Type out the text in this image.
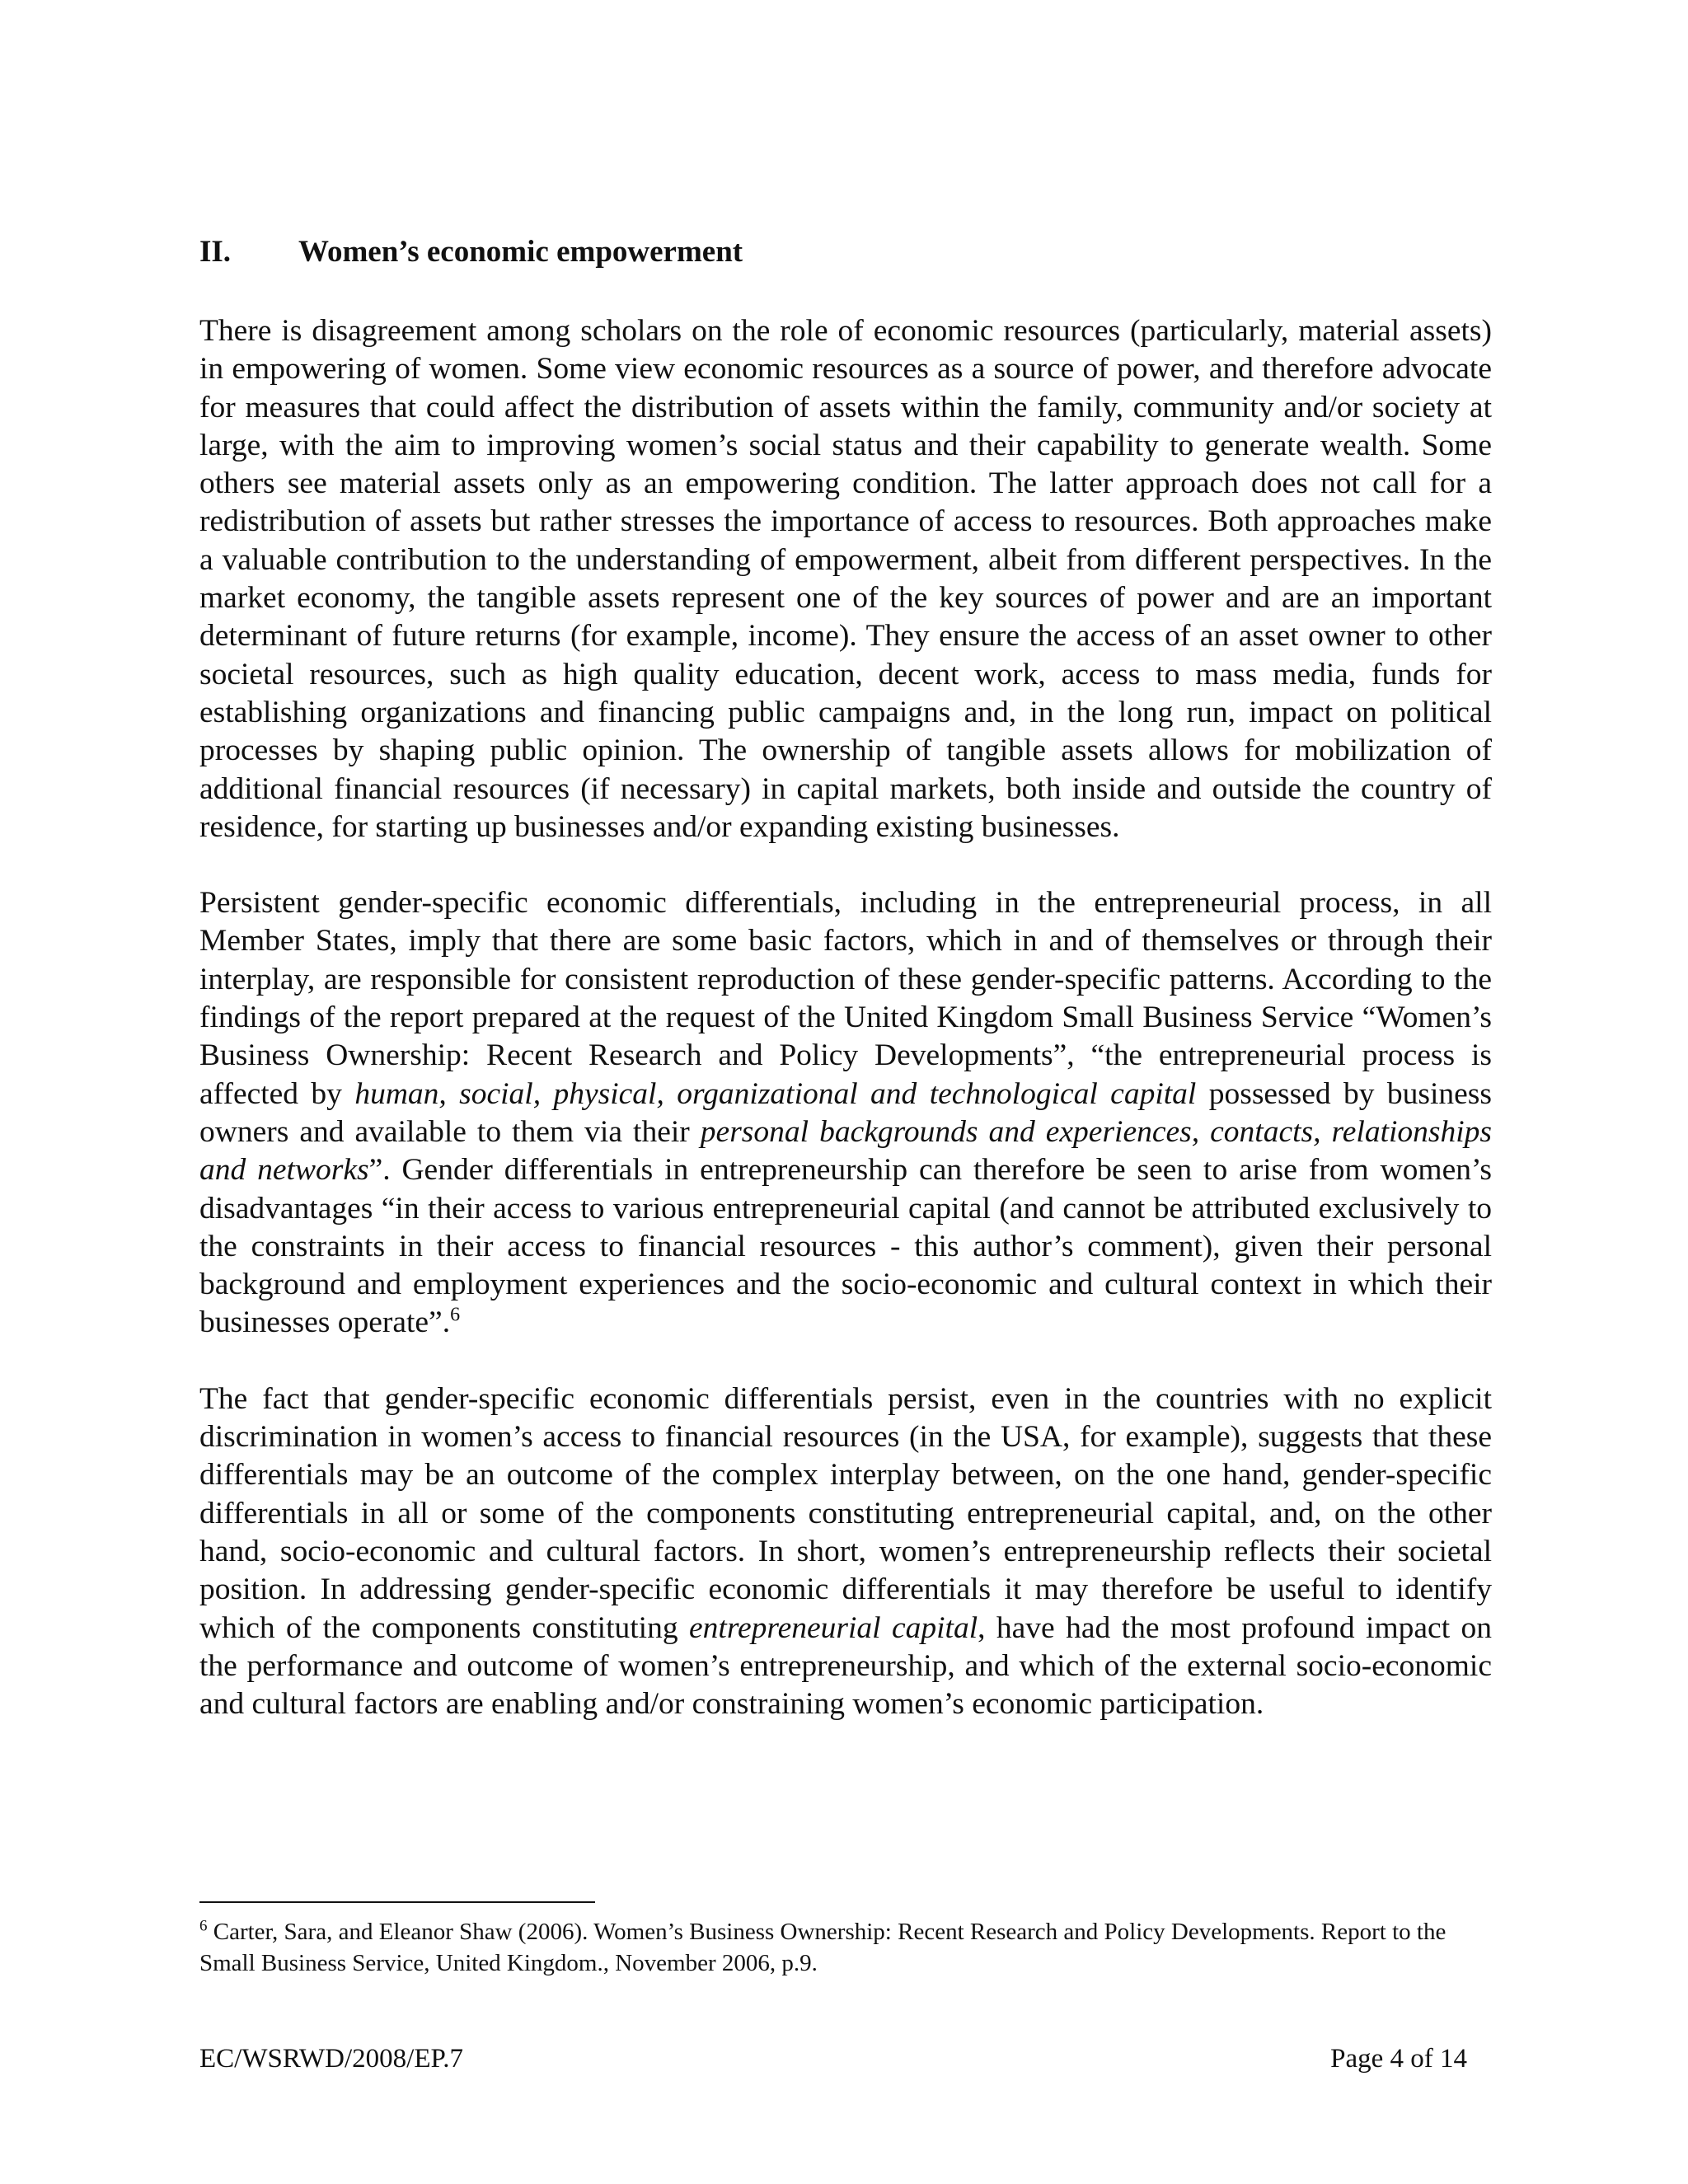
II.	Women’s economic empowerment

There is disagreement among scholars on the role of economic resources (particularly, material assets) in empowering of women. Some view economic resources as a source of power, and therefore advocate for measures that could affect the distribution of assets within the family, community and/or society at large, with the aim to improving women’s social status and their capability to generate wealth. Some others see material assets only as an empowering condition. The latter approach does not call for a redistribution of assets but rather stresses the importance of access to resources. Both approaches make a valuable contribution to the understanding of empowerment, albeit from different perspectives. In the market economy, the tangible assets represent one of the key sources of power and are an important determinant of future returns (for example, income). They ensure the access of an asset owner to other societal resources, such as high quality education, decent work, access to mass media, funds for establishing organizations and financing public campaigns and, in the long run, impact on political processes by shaping public opinion. The ownership of tangible assets allows for mobilization of additional financial resources (if necessary) in capital markets, both inside and outside the country of residence, for starting up businesses and/or expanding existing businesses.

Persistent gender-specific economic differentials, including in the entrepreneurial process, in all Member States, imply that there are some basic factors, which in and of themselves or through their interplay, are responsible for consistent reproduction of these gender-specific patterns. According to the findings of the report prepared at the request of the United Kingdom Small Business Service “Women’s Business Ownership: Recent Research and Policy Developments”, “the entrepreneurial process is affected by human, social, physical, organizational and technological capital possessed by business owners and available to them via their personal backgrounds and experiences, contacts, relationships and networks”. Gender differentials in entrepreneurship can therefore be seen to arise from women’s disadvantages “in their access to various entrepreneurial capital (and cannot be attributed exclusively to the constraints in their access to financial resources - this author’s comment), given their personal background and employment experiences and the socio-economic and cultural context in which their businesses operate”.$^6$

The fact that gender-specific economic differentials persist, even in the countries with no explicit discrimination in women’s access to financial resources (in the USA, for example), suggests that these differentials may be an outcome of the complex interplay between, on the one hand, gender-specific differentials in all or some of the components constituting entrepreneurial capital, and, on the other hand, socio-economic and cultural factors. In short, women’s entrepreneurship reflects their societal position. In addressing gender-specific economic differentials it may therefore be useful to identify which of the components constituting entrepreneurial capital, have had the most profound impact on the performance and outcome of women’s entrepreneurship, and which of the external socio-economic and cultural factors are enabling and/or constraining women’s economic participation.

$^6$ Carter, Sara, and Eleanor Shaw (2006). Women’s Business Ownership: Recent Research and Policy Developments. Report to the Small Business Service, United Kingdom., November 2006, p.9.
EC/WSRWD/2008/EP.7	Page 4 of 14
